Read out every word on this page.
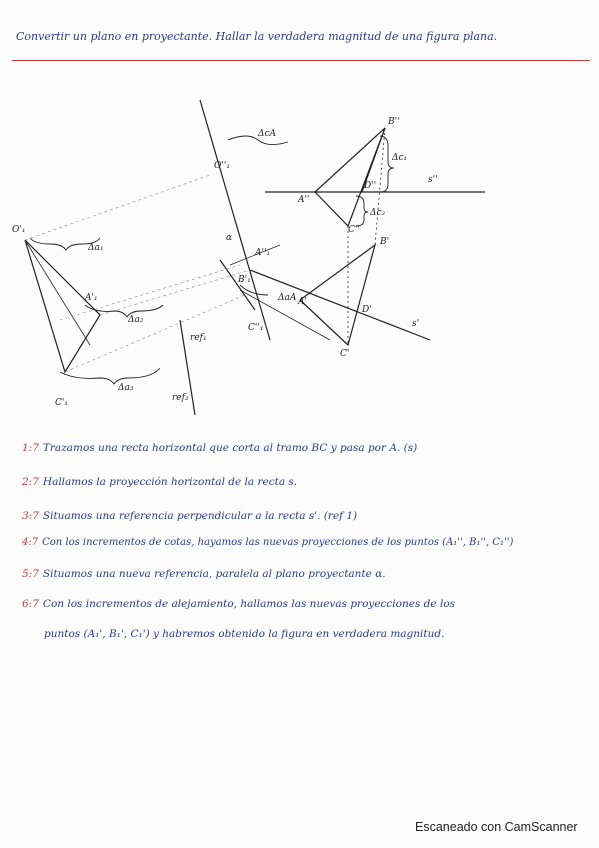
Convertir un plano en proyectante. Hallar la verdadera magnitud de una figura plana.
B''
A''
D''
C''
B'
A'
D'
C'
s''
s'
Δc₁
Δc₂
ΔcA
O''₁
O'₁
A''₁
A'₁
C''₁
C'₁
B'₁
ref₁
ref₂
α
Δa₁
Δa₂
Δa₃
ΔaA
1:7 Trazamos una recta horizontal que corta al tramo BC y pasa por A. (s)
2:7 Hallamos la proyección horizontal de la recta s.
3:7 Situamos una referencia perpendicular a la recta s'. (ref 1)
4:7 Con los incrementos de cotas, hayamos las nuevas proyecciones de los puntos (A₁'', B₁'', C₁'')
5:7 Situamos una nueva referencia, paralela al plano proyectante α.
6:7 Con los incrementos de alejamiento, hallamos las nuevas proyecciones de los
puntos (A₁', B₁', C₁') y habremos obtenido la figura en verdadera magnitud.
Escaneado con CamScanner
